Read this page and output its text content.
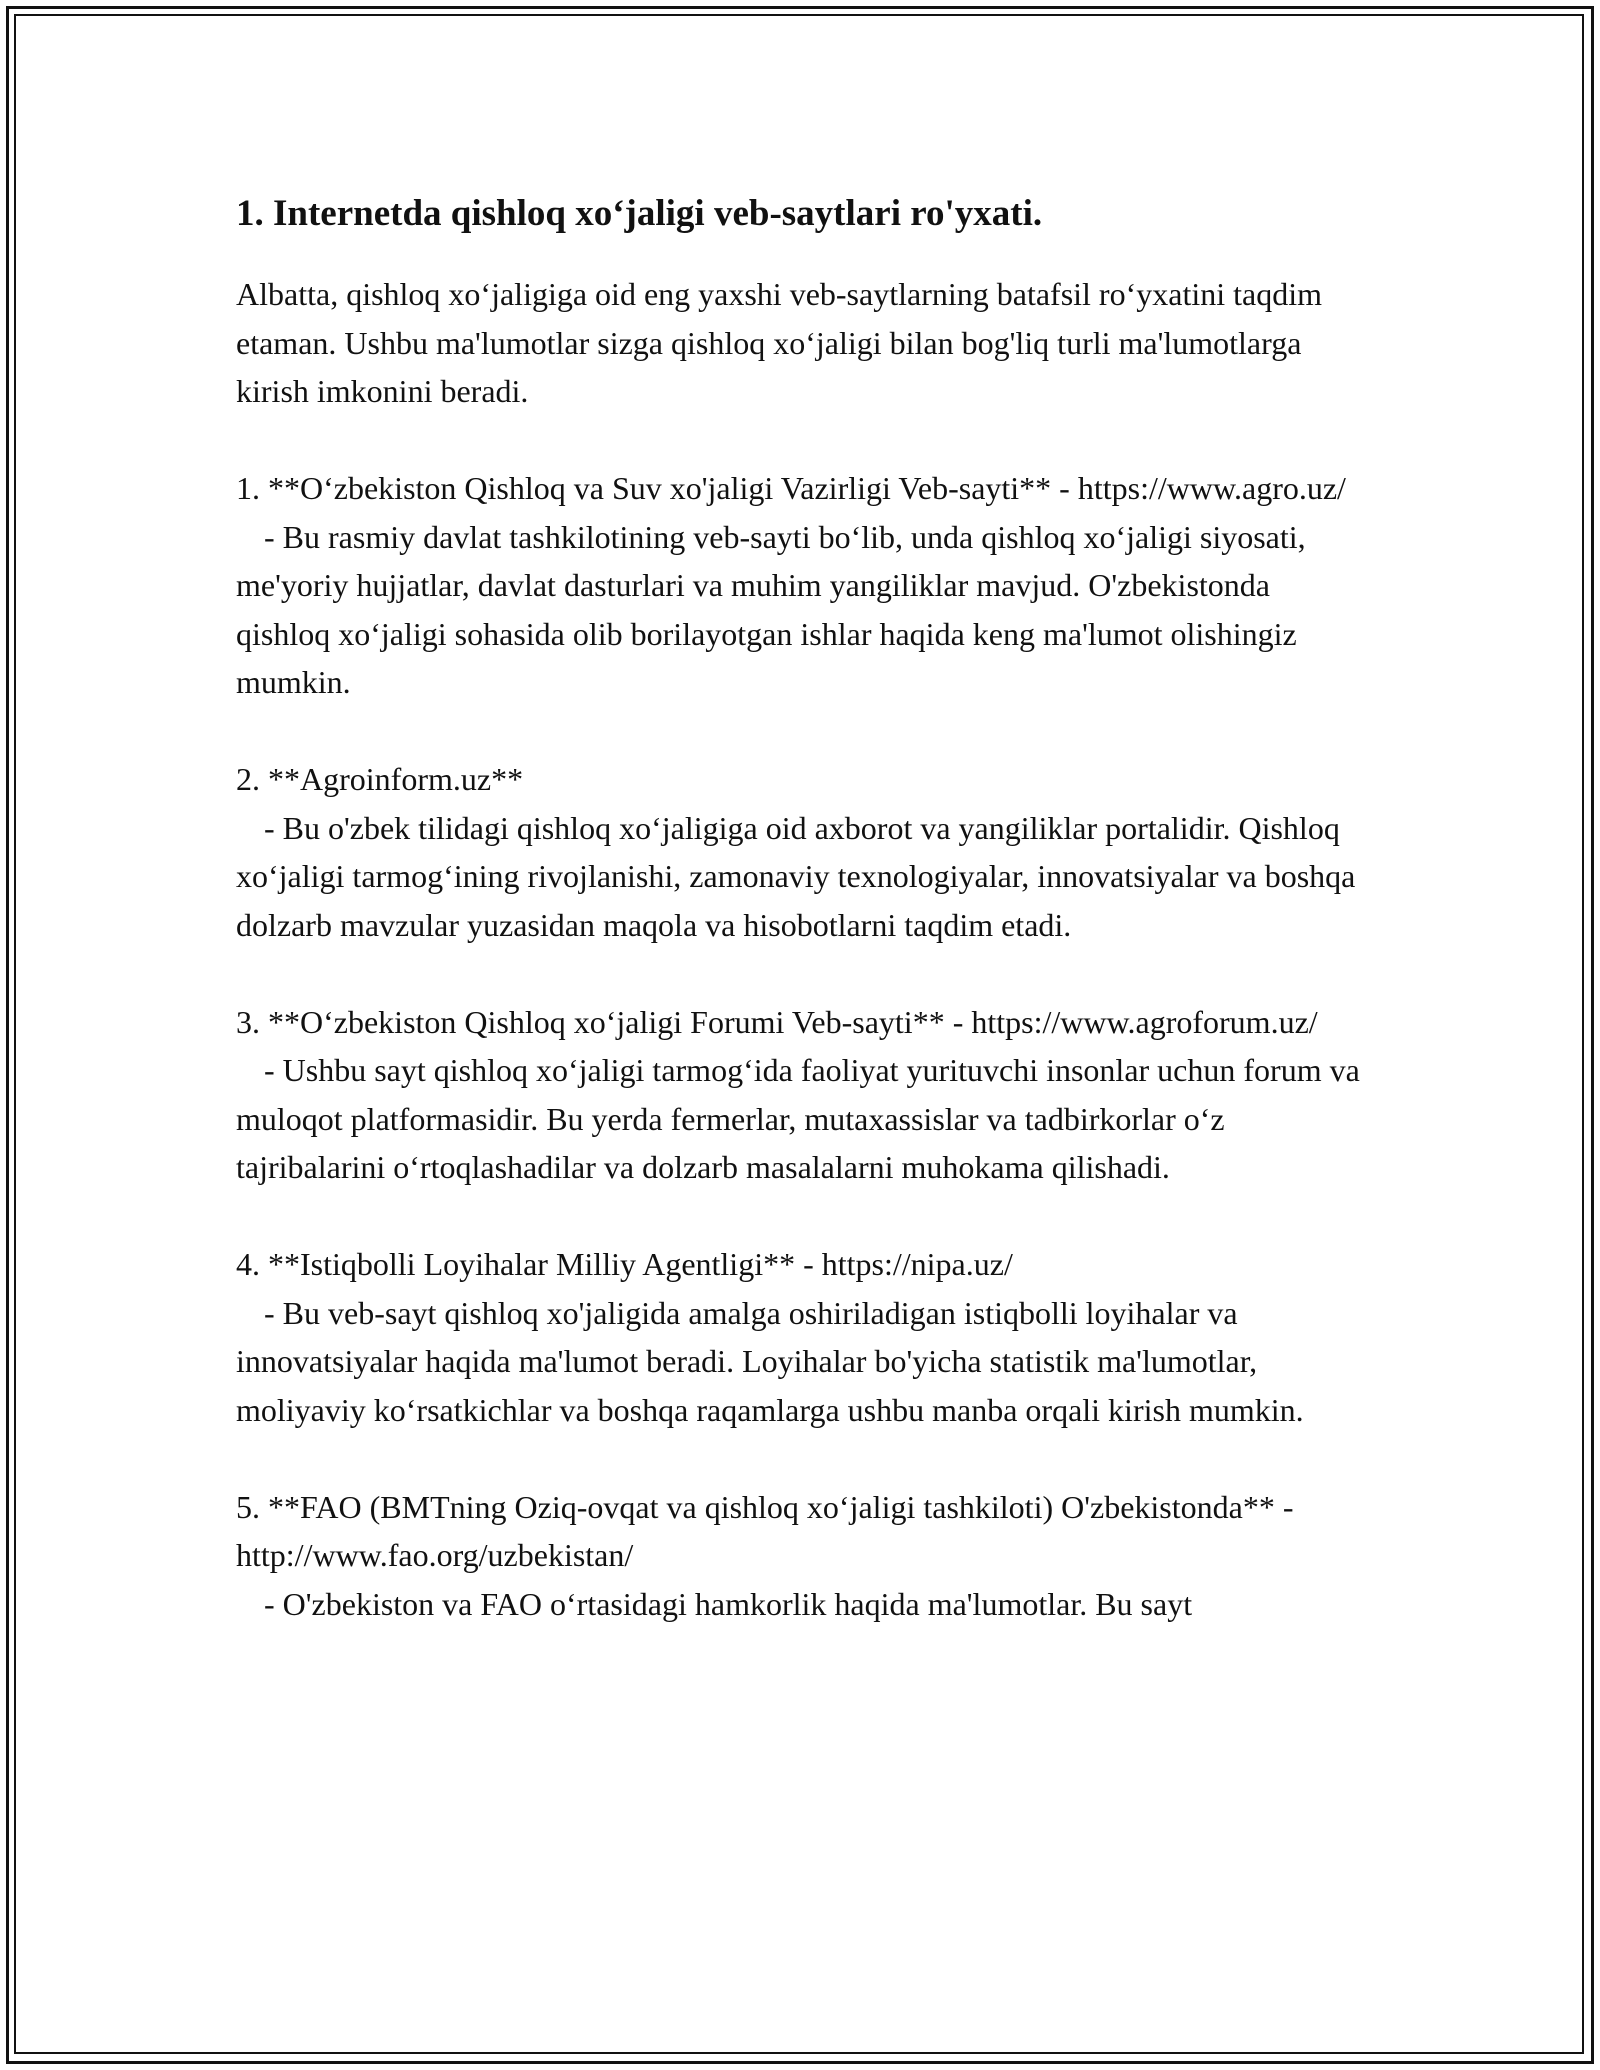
1. Internetda qishloq xo‘jaligi veb-saytlari ro'yxati.
Albatta, qishloq xo‘jaligiga oid eng yaxshi veb-saytlarning batafsil ro‘yxatini taqdim etaman. Ushbu ma'lumotlar sizga qishloq xo‘jaligi bilan bog'liq turli ma'lumotlarga kirish imkonini beradi.
1. **O‘zbekiston Qishloq va Suv xo'jaligi Vazirligi Veb-sayti** - https://www.agro.uz/
- Bu rasmiy davlat tashkilotining veb-sayti bo‘lib, unda qishloq xo‘jaligi siyosati, me'yoriy hujjatlar, davlat dasturlari va muhim yangiliklar mavjud. O'zbekistonda qishloq xo‘jaligi sohasida olib borilayotgan ishlar haqida keng ma'lumot olishingiz mumkin.
2. **Agroinform.uz**
- Bu o'zbek tilidagi qishloq xo‘jaligiga oid axborot va yangiliklar portalidir. Qishloq xo‘jaligi tarmog‘ining rivojlanishi, zamonaviy texnologiyalar, innovatsiyalar va boshqa dolzarb mavzular yuzasidan maqola va hisobotlarni taqdim etadi.
3. **O‘zbekiston Qishloq xo‘jaligi Forumi Veb-sayti** - https://www.agroforum.uz/
- Ushbu sayt qishloq xo‘jaligi tarmog‘ida faoliyat yurituvchi insonlar uchun forum va muloqot platformasidir. Bu yerda fermerlar, mutaxassislar va tadbirkorlar o‘z tajribalarini o‘rtoqlashadilar va dolzarb masalalarni muhokama qilishadi.
4. **Istiqbolli Loyihalar Milliy Agentligi** - https://nipa.uz/
- Bu veb-sayt qishloq xo'jaligida amalga oshiriladigan istiqbolli loyihalar va innovatsiyalar haqida ma'lumot beradi. Loyihalar bo'yicha statistik ma'lumotlar, moliyaviy ko‘rsatkichlar va boshqa raqamlarga ushbu manba orqali kirish mumkin.
5. **FAO (BMTning Oziq-ovqat va qishloq xo‘jaligi tashkiloti) O'zbekistonda** - http://www.fao.org/uzbekistan/
- O'zbekiston va FAO o‘rtasidagi hamkorlik haqida ma'lumotlar. Bu sayt
